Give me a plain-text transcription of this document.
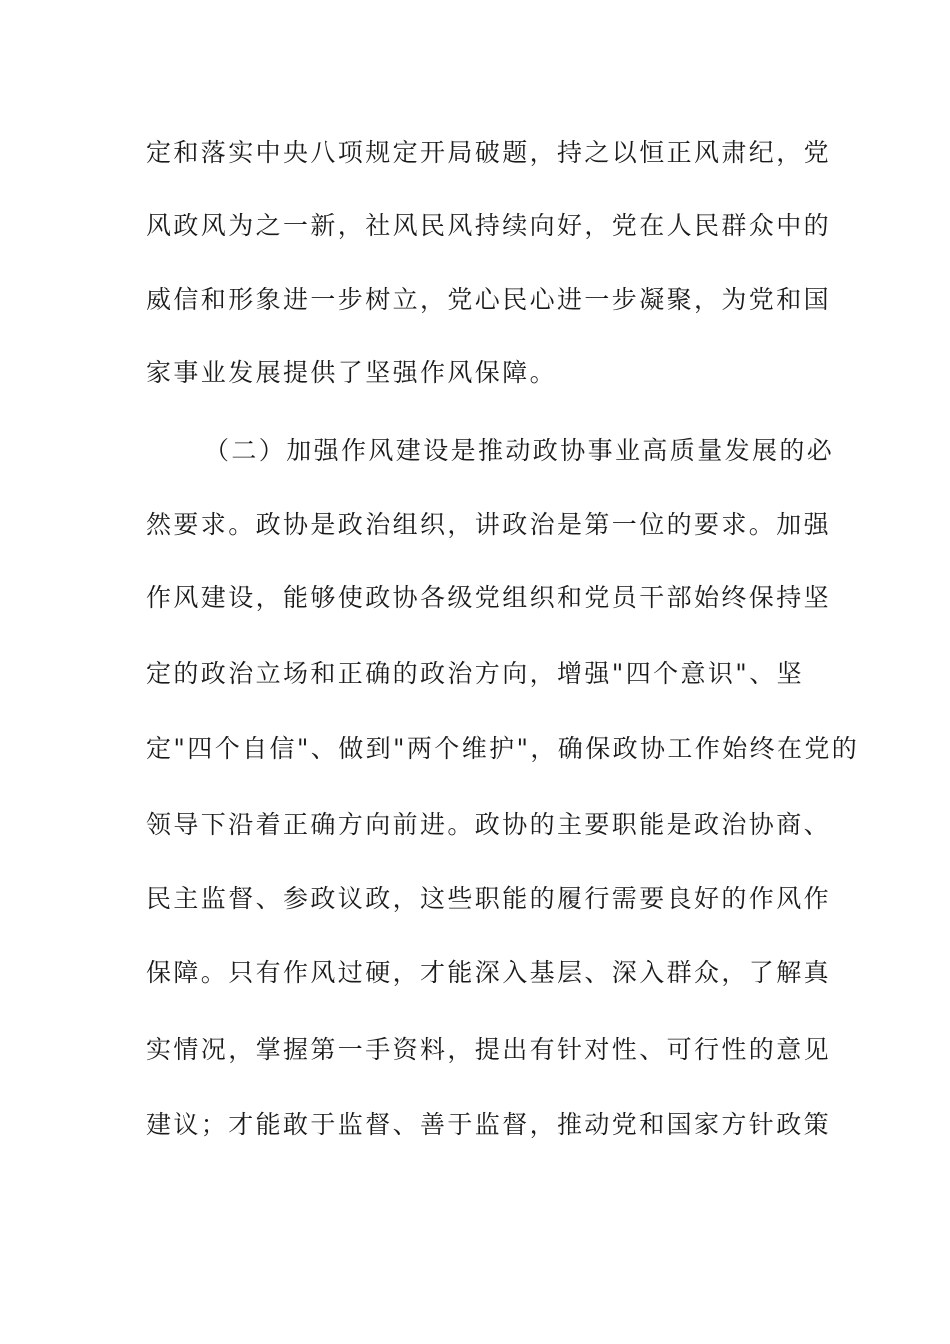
定和落实中央八项规定开局破题，持之以恒正风肃纪，党
风政风为之一新，社风民风持续向好，党在人民群众中的
威信和形象进一步树立，党心民心进一步凝聚，为党和国
家事业发展提供了坚强作风保障。
（二）加强作风建设是推动政协事业高质量发展的必
然要求。政协是政治组织，讲政治是第一位的要求。加强
作风建设，能够使政协各级党组织和党员干部始终保持坚
定的政治立场和正确的政治方向，增强"四个意识"、坚
定"四个自信"、做到"两个维护"，确保政协工作始终在党的
领导下沿着正确方向前进。政协的主要职能是政治协商、
民主监督、参政议政，这些职能的履行需要良好的作风作
保障。只有作风过硬，才能深入基层、深入群众，了解真
实情况，掌握第一手资料，提出有针对性、可行性的意见
建议；才能敢于监督、善于监督，推动党和国家方针政策
